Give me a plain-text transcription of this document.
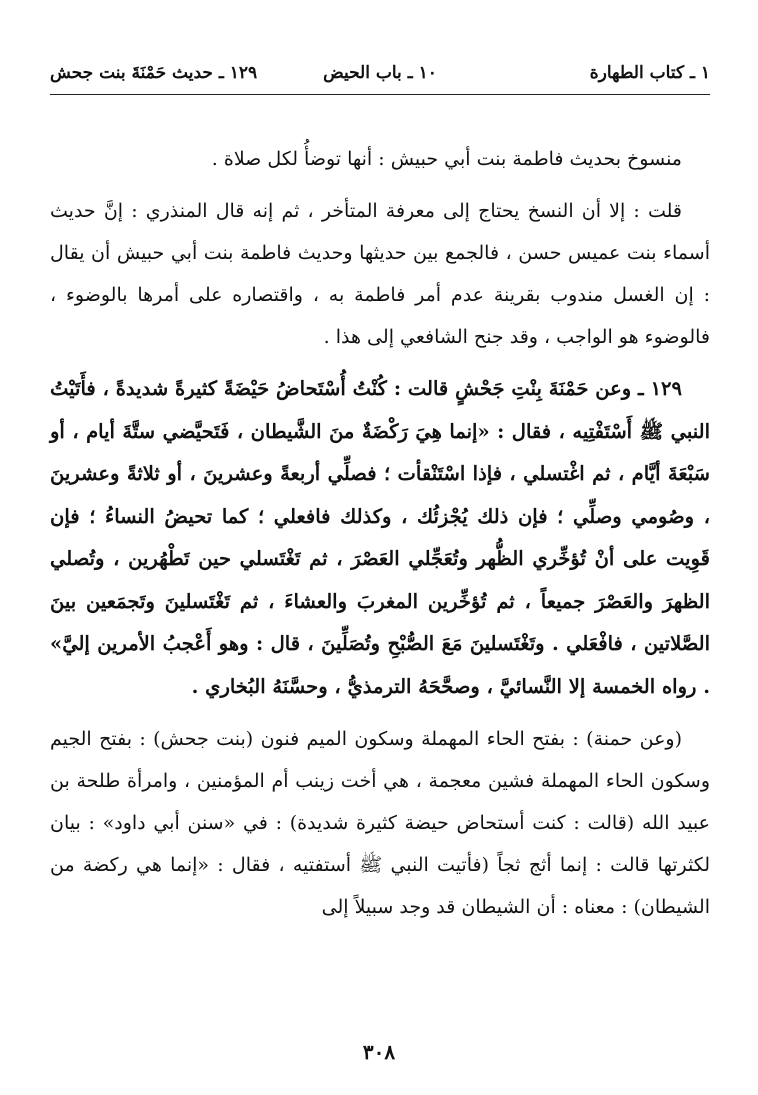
١ ـ كتاب الطهارة
١٠ ـ باب الحيض
١٢٩ ـ حديث حَمْنَةَ بنت جحش

منسوخ بحديث فاطمة بنت أبي حبيش : أنها توضأُ لكل صلاة .

قلت : إلا أن النسخ يحتاج إلى معرفة المتأخر ، ثم إنه قال المنذري : إنَّ حديث أسماء بنت عميس حسن ، فالجمع بين حديثها وحديث فاطمة بنت أبي حبيش أن يقال : إن الغسل مندوب بقرينة عدم أمر فاطمة به ، واقتصاره على أمرها بالوضوء ، فالوضوء هو الواجب ، وقد جنح الشافعي إلى هذا .

١٢٩ ـ وعن حَمْنَةَ بِنْتِ جَحْشٍ قالت : كُنْتُ أُسْتَحاضُ حَيْضَةً كثيرةً شديدةً ، فأَتَيْتُ النبي ﷺ أَسْتَفْتِيه ، فقال : «إنما هِيَ رَكْضَةٌ منَ الشَّيطان ، فَتَحيَّضي ستَّةَ أيام ، أو سَبْعَةَ أيَّام ، ثم اغْتسلي ، فإذا اسْتَنْقأت ؛ فصلِّي أربعةً وعشرينَ ، أو ثلاثةً وعشرينَ ، وصُومي وصلِّي ؛ فإن ذلك يُجْزئُك ، وكذلك فافعلي ؛ كما تحيضُ النساءُ ؛ فإن قَوِيت على أنْ تُؤخِّري الظُّهر وتُعَجِّلي العَصْرَ ، ثم تَغْتَسلي حين تَطْهُرين ، وتُصلي الظهرَ والعَصْرَ جميعاً ، ثم تُؤخِّرين المغربَ والعشاءَ ، ثم تَغْتَسلينَ وتَجمَعين بينَ الصَّلاتين ، فافْعَلي . وتَغْتَسلينَ مَعَ الصُّبْحِ وتُصَلِّينَ ، قال : وهو أَعْجبُ الأمرين إليَّ» . رواه الخمسة إلا النَّسائيَّ ، وصحَّحَهُ الترمذيُّ ، وحسَّنَهُ البُخاري .

(وعن حمنة) : بفتح الحاء المهملة وسكون الميم فنون (بنت جحش) : بفتح الجيم وسكون الحاء المهملة فشين معجمة ، هي أخت زينب أم المؤمنين ، وامرأة طلحة بن عبيد الله (قالت : كنت أستحاض حيضة كثيرة شديدة) : في «سنن أبي داود» : بيان لكثرتها قالت : إنما أثج ثجاً (فأتيت النبي ﷺ أستفتيه ، فقال : «إنما هي ركضة من الشيطان) : معناه : أن الشيطان قد وجد سبيلاً إلى

٣٠٨
